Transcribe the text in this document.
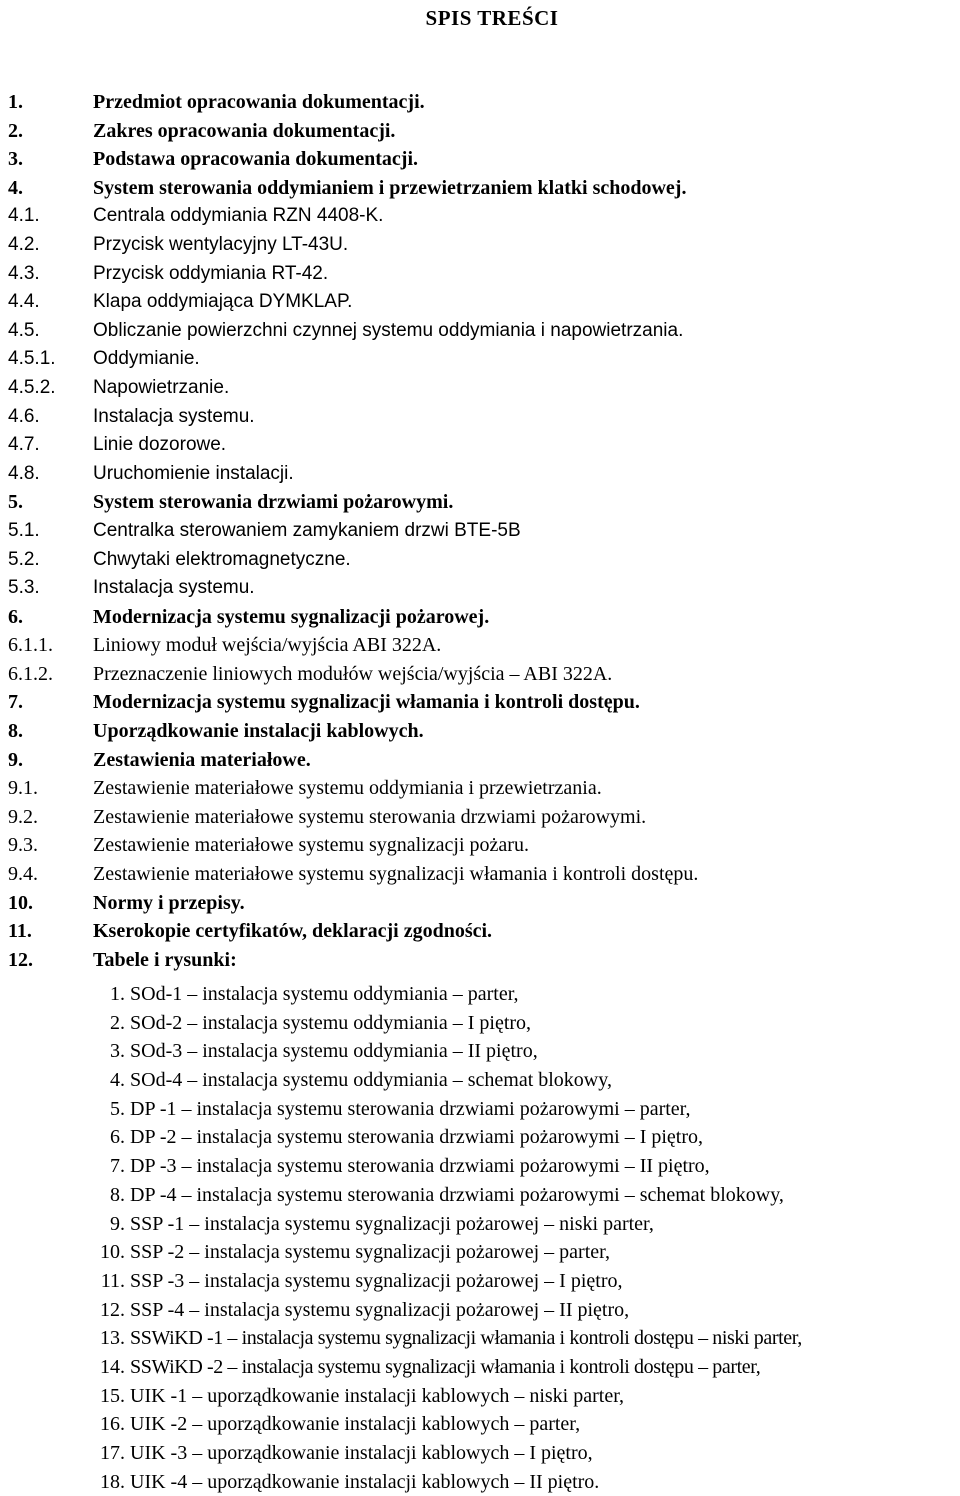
SPIS TREŚCI
1.	Przedmiot opracowania dokumentacji.
2.	Zakres opracowania dokumentacji.
3.	Podstawa opracowania dokumentacji.
4.	System sterowania oddymianiem i przewietrzaniem klatki schodowej.
4.1.	Centrala oddymiania RZN 4408-K.
4.2.	Przycisk wentylacyjny LT-43U.
4.3.	Przycisk oddymiania RT-42.
4.4.	Klapa oddymiająca DYMKLAP.
4.5.	Obliczanie powierzchni czynnej systemu oddymiania i napowietrzania.
4.5.1. Oddymianie.
4.5.2. Napowietrzanie.
4.6.	Instalacja systemu.
4.7.	Linie dozorowe.
4.8.	Uruchomienie instalacji.
5.	System sterowania drzwiami pożarowymi.
5.1.	Centralka sterowaniem zamykaniem drzwi BTE-5B
5.2.	Chwytaki elektromagnetyczne.
5.3.	Instalacja systemu.
6.	Modernizacja systemu sygnalizacji pożarowej.
6.1.1. Liniowy moduł wejścia/wyjścia ABI 322A.
6.1.2. Przeznaczenie liniowych modułów wejścia/wyjścia – ABI 322A.
7.	Modernizacja systemu sygnalizacji włamania i kontroli dostępu.
8.	Uporządkowanie instalacji kablowych.
9.	Zestawienia materiałowe.
9.1.	Zestawienie materiałowe systemu oddymiania i przewietrzania.
9.2.	Zestawienie materiałowe systemu sterowania drzwiami pożarowymi.
9.3.	Zestawienie materiałowe systemu sygnalizacji pożaru.
9.4.	Zestawienie materiałowe systemu sygnalizacji włamania i kontroli dostępu.
10.	Normy i przepisy.
11.	Kserokopie certyfikatów, deklaracji zgodności.
12.	Tabele i rysunki:
1. SOd-1 – instalacja systemu oddymiania – parter,
2. SOd-2 – instalacja systemu oddymiania – I piętro,
3. SOd-3 – instalacja systemu oddymiania – II piętro,
4. SOd-4 – instalacja systemu oddymiania – schemat blokowy,
5. DP -1 – instalacja systemu sterowania drzwiami pożarowymi – parter,
6. DP -2 – instalacja systemu sterowania drzwiami pożarowymi – I piętro,
7. DP -3 – instalacja systemu sterowania drzwiami pożarowymi – II piętro,
8. DP -4 – instalacja systemu sterowania drzwiami pożarowymi – schemat blokowy,
9. SSP -1 – instalacja systemu sygnalizacji pożarowej – niski parter,
10. SSP -2 – instalacja systemu sygnalizacji pożarowej – parter,
11. SSP -3 – instalacja systemu sygnalizacji pożarowej – I piętro,
12. SSP -4 – instalacja systemu sygnalizacji pożarowej – II piętro,
13. SSWiKD -1 – instalacja systemu sygnalizacji włamania i kontroli dostępu – niski parter,
14. SSWiKD -2 – instalacja systemu sygnalizacji włamania i kontroli dostępu – parter,
15. UIK -1 – uporządkowanie instalacji kablowych – niski parter,
16. UIK -2 – uporządkowanie instalacji kablowych – parter,
17. UIK -3 – uporządkowanie instalacji kablowych – I piętro,
18. UIK -4 – uporządkowanie instalacji kablowych – II piętro.
